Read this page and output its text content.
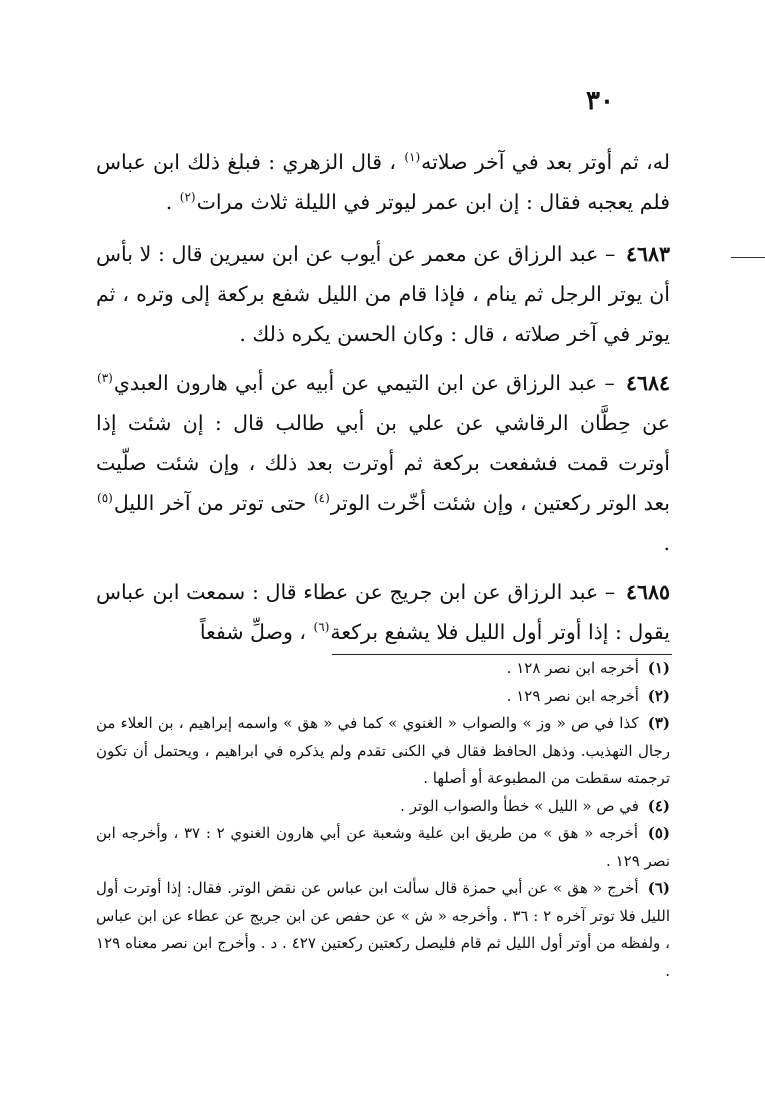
٣٠

له، ثم أوتر بعد في آخر صلاته$^{(١)}$ ، قال الزهري : فبلغ ذلك ابن عباس فلم يعجبه فقال : إن ابن عمر ليوتر في الليلة ثلاث مرات$^{(٢)}$ .

٤٦٨٣ – عبد الرزاق عن معمر عن أيوب عن ابن سيرين قال : لا بأس أن يوتر الرجل ثم ينام ، فإذا قام من الليل شفع بركعة إلى وتره ، ثم يوتر في آخر صلاته ، قال : وكان الحسن يكره ذلك .

٤٦٨٤ – عبد الرزاق عن ابن التيمي عن أبيه عن أبي هارون العبدي$^{(٣)}$ عن حِطَّان الرقاشي عن علي بن أبي طالب قال : إن شئت إذا أوترت قمت فشفعت بركعة ثم أوترت بعد ذلك ، وإن شئت صلّيت بعد الوتر ركعتين ، وإن شئت أخّرت الوتر$^{(٤)}$ حتى توتر من آخر الليل$^{(٥)}$ .

٤٦٨٥ – عبد الرزاق عن ابن جريج عن عطاء قال : سمعت ابن عباس يقول : إذا أوتر أول الليل فلا يشفع بركعة$^{(٦)}$ ، وصلِّ شفعاً

(١) أخرجه ابن نصر ١٢٨ .

(٢) أخرجه ابن نصر ١٢٩ .

(٣) كذا في ص « وز » والصواب « الغنوي » كما في « هق » واسمه إبراهيم ، بن العلاء من رجال التهذيب. وذهل الحافظ فقال في الكنى تقدم ولم يذكره في ابراهيم ، ويحتمل أن تكون ترجمته سقطت من المطبوعة أو أصلها .

(٤) في ص « الليل » خطأ والصواب الوتر .

(٥) أخرجه « هق » من طريق ابن علية وشعبة عن أبي هارون الغنوي ٢ : ٣٧ ، وأخرجه ابن نصر ١٢٩ .

(٦) أخرج « هق » عن أبي حمزة قال سألت ابن عباس عن نقض الوتر. فقال: إذا أوترت أول الليل فلا توتر آخره ٢ : ٣٦ . وأخرجه « ش » عن حفص عن ابن جريج عن عطاء عن ابن عباس ، ولفظه من أوتر أول الليل ثم قام فليصل ركعتين ركعتين ٤٢٧ . د . وأخرج ابن نصر معناه ١٢٩ .
